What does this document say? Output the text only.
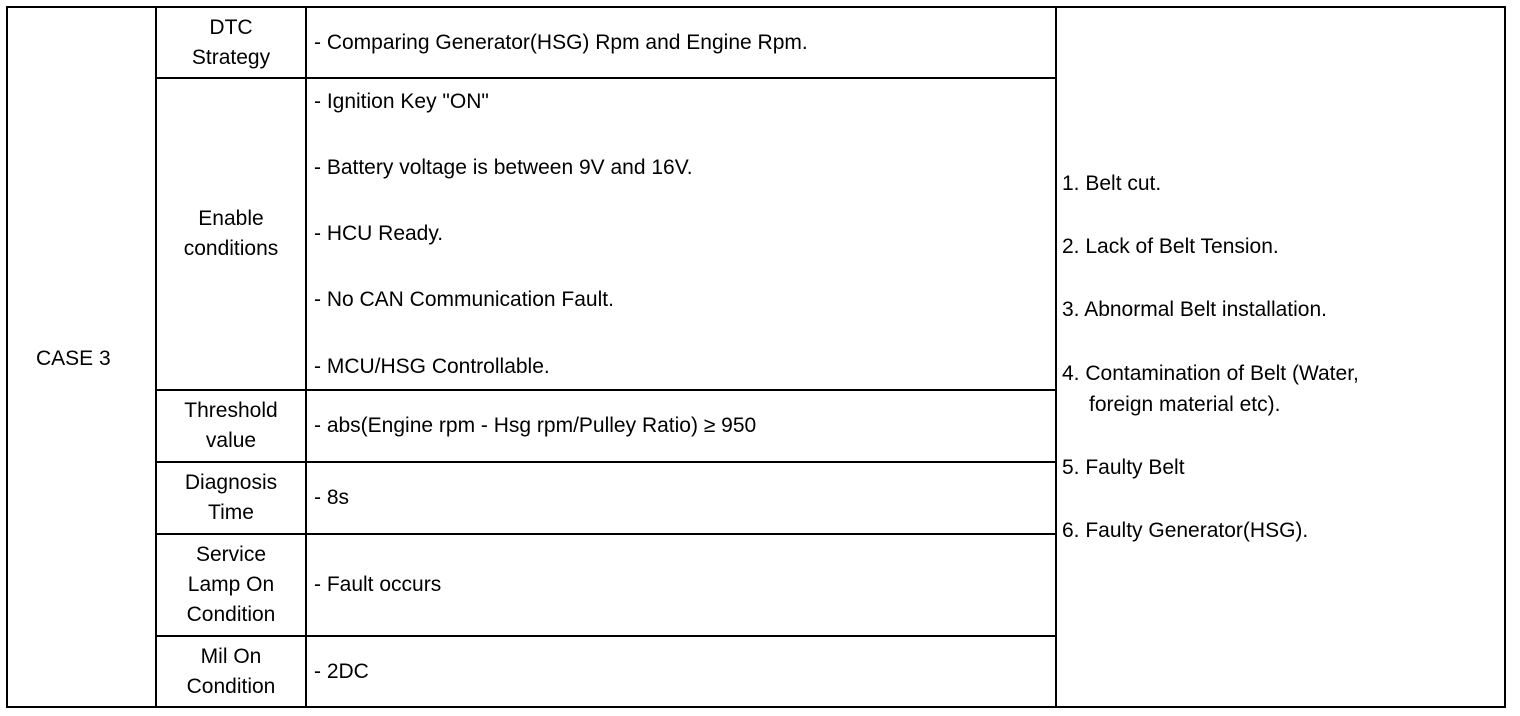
CASE 3
DTC
Strategy
- Comparing Generator(HSG) Rpm and Engine Rpm.
Enable
conditions
- Ignition Key "ON"
- Battery voltage is between 9V and 16V.
- HCU Ready.
- No CAN Communication Fault.
- MCU/HSG Controllable.
Threshold
value
- abs(Engine rpm - Hsg rpm/Pulley Ratio) ≥ 950
Diagnosis
Time
- 8s
Service
Lamp On
Condition
- Fault occurs
Mil On
Condition
- 2DC
1. Belt cut.
2. Lack of Belt Tension.
3. Abnormal Belt installation.
4. Contamination of Belt (Water,
foreign material etc).
5. Faulty Belt
6. Faulty Generator(HSG).
